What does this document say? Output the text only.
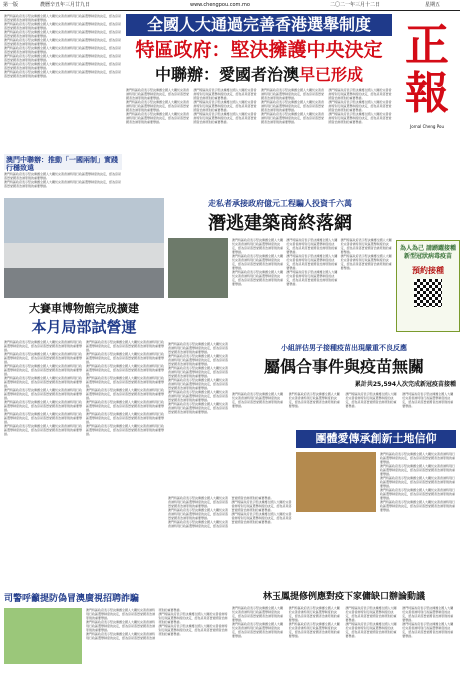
第一版	農曆辛丑年三月廿九日	www.chengpou.com.mo	二〇二一年三月十二日	星期五
正
報
Jornal Cheng Pou

澳門特區政府表示堅決擁護全國人大關於完善香港特別行政區選舉制度的決定，認為這是落實愛國者治港原則的重要舉措。

澳門特區政府表示堅決擁護全國人大關於完善香港特別行政區選舉制度的決定，認為這是落實愛國者治港原則的重要舉措。

澳門特區政府表示堅決擁護全國人大關於完善香港特別行政區選舉制度的決定，認為這是落實愛國者治港原則的重要舉措。

澳門特區政府表示堅決擁護全國人大關於完善香港特別行政區選舉制度的決定，認為這是落實愛國者治港原則的重要舉措。

澳門特區政府表示堅決擁護全國人大關於完善香港特別行政區選舉制度的決定，認為這是落實愛國者治港原則的重要舉措。

澳門特區政府表示堅決擁護全國人大關於完善香港特別行政區選舉制度的決定，認為這是落實愛國者治港原則的重要舉措。

澳門特區政府表示堅決擁護全國人大關於完善香港特別行政區選舉制度的決定，認為這是落實愛國者治港原則的重要舉措。

澳門特區政府表示堅決擁護全國人大關於完善香港特別行政區選舉制度的決定，認為這是落實愛國者治港原則的重要舉措。

澳門中聯辦：推動「一國兩制」實踐行穩致遠

澳門特區政府表示堅決擁護全國人大關於完善香港特別行政區選舉制度的決定，認為這是落實愛國者治港原則的重要舉措。

澳門特區政府表示堅決擁護全國人大關於完善香港特別行政區選舉制度的決定，認為這是落實愛國者治港原則的重要舉措。

全國人大通過完善香港選舉制度
特區政府：堅決擁護中央決定
中聯辦：愛國者治澳早已形成

澳門特區政府表示堅決擁護全國人大關於完善香港特別行政區選舉制度的決定，認為這是落實愛國者治港原則的重要舉措。

澳門特區政府表示堅決擁護全國人大關於完善香港特別行政區選舉制度的決定，認為這是落實愛國者治港原則的重要舉措。

澳門特區政府表示堅決擁護全國人大關於完善香港特別行政區選舉制度的決定，認為這是落實愛國者治港原則的重要舉措。

澳門特區政府表示堅決擁護全國人大關於完善香港特別行政區選舉制度的決定，認為這是落實愛國者治港原則的重要舉措。

澳門特區政府表示堅決擁護全國人大關於完善香港特別行政區選舉制度的決定，認為這是落實愛國者治港原則的重要舉措。

澳門特區政府表示堅決擁護全國人大關於完善香港特別行政區選舉制度的決定，認為這是落實愛國者治港原則的重要舉措。

澳門特區政府表示堅決擁護全國人大關於完善香港特別行政區選舉制度的決定，認為這是落實愛國者治港原則的重要舉措。

澳門特區政府表示堅決擁護全國人大關於完善香港特別行政區選舉制度的決定，認為這是落實愛國者治港原則的重要舉措。

澳門特區政府表示堅決擁護全國人大關於完善香港特別行政區選舉制度的決定，認為這是落實愛國者治港原則的重要舉措。

澳門特區政府表示堅決擁護全國人大關於完善香港特別行政區選舉制度的決定，認為這是落實愛國者治港原則的重要舉措。

澳門特區政府表示堅決擁護全國人大關於完善香港特別行政區選舉制度的決定，認為這是落實愛國者治港原則的重要舉措。

澳門特區政府表示堅決擁護全國人大關於完善香港特別行政區選舉制度的決定，認為這是落實愛國者治港原則的重要舉措。

為人為己 請踴躍接種新型冠狀病毒疫苗
預約接種
大賽車博物館完成擴建
本月局部試營運

澳門特區政府表示堅決擁護全國人大關於完善香港特別行政區選舉制度的決定，認為這是落實愛國者治港原則的重要舉措。

澳門特區政府表示堅決擁護全國人大關於完善香港特別行政區選舉制度的決定，認為這是落實愛國者治港原則的重要舉措。

澳門特區政府表示堅決擁護全國人大關於完善香港特別行政區選舉制度的決定，認為這是落實愛國者治港原則的重要舉措。

澳門特區政府表示堅決擁護全國人大關於完善香港特別行政區選舉制度的決定，認為這是落實愛國者治港原則的重要舉措。

澳門特區政府表示堅決擁護全國人大關於完善香港特別行政區選舉制度的決定，認為這是落實愛國者治港原則的重要舉措。

澳門特區政府表示堅決擁護全國人大關於完善香港特別行政區選舉制度的決定，認為這是落實愛國者治港原則的重要舉措。

澳門特區政府表示堅決擁護全國人大關於完善香港特別行政區選舉制度的決定，認為這是落實愛國者治港原則的重要舉措。

澳門特區政府表示堅決擁護全國人大關於完善香港特別行政區選舉制度的決定，認為這是落實愛國者治港原則的重要舉措。

澳門特區政府表示堅決擁護全國人大關於完善香港特別行政區選舉制度的決定，認為這是落實愛國者治港原則的重要舉措。

澳門特區政府表示堅決擁護全國人大關於完善香港特別行政區選舉制度的決定，認為這是落實愛國者治港原則的重要舉措。

澳門特區政府表示堅決擁護全國人大關於完善香港特別行政區選舉制度的決定，認為這是落實愛國者治港原則的重要舉措。

澳門特區政府表示堅決擁護全國人大關於完善香港特別行政區選舉制度的決定，認為這是落實愛國者治港原則的重要舉措。

澳門特區政府表示堅決擁護全國人大關於完善香港特別行政區選舉制度的決定，認為這是落實愛國者治港原則的重要舉措。

澳門特區政府表示堅決擁護全國人大關於完善香港特別行政區選舉制度的決定，認為這是落實愛國者治港原則的重要舉措。

澳門特區政府表示堅決擁護全國人大關於完善香港特別行政區選舉制度的決定，認為這是落實愛國者治港原則的重要舉措。

澳門特區政府表示堅決擁護全國人大關於完善香港特別行政區選舉制度的決定，認為這是落實愛國者治港原則的重要舉措。

走私者承接政府億元工程騙人投資千六萬
潛逃建築商終落網

澳門特區政府表示堅決擁護全國人大關於完善香港特別行政區選舉制度的決定，認為這是落實愛國者治港原則的重要舉措。

澳門特區政府表示堅決擁護全國人大關於完善香港特別行政區選舉制度的決定，認為這是落實愛國者治港原則的重要舉措。

澳門特區政府表示堅決擁護全國人大關於完善香港特別行政區選舉制度的決定，認為這是落實愛國者治港原則的重要舉措。

澳門特區政府表示堅決擁護全國人大關於完善香港特別行政區選舉制度的決定，認為這是落實愛國者治港原則的重要舉措。

澳門特區政府表示堅決擁護全國人大關於完善香港特別行政區選舉制度的決定，認為這是落實愛國者治港原則的重要舉措。

澳門特區政府表示堅決擁護全國人大關於完善香港特別行政區選舉制度的決定，認為這是落實愛國者治港原則的重要舉措。

澳門特區政府表示堅決擁護全國人大關於完善香港特別行政區選舉制度的決定，認為這是落實愛國者治港原則的重要舉措。

澳門特區政府表示堅決擁護全國人大關於完善香港特別行政區選舉制度的決定，認為這是落實愛國者治港原則的重要舉措。

小組評估男子接種疫苗出現嚴重不良反應
屬偶合事件與疫苗無關
累計共25,594人次完成新冠疫苗接種

澳門特區政府表示堅決擁護全國人大關於完善香港特別行政區選舉制度的決定，認為這是落實愛國者治港原則的重要舉措。

澳門特區政府表示堅決擁護全國人大關於完善香港特別行政區選舉制度的決定，認為這是落實愛國者治港原則的重要舉措。

澳門特區政府表示堅決擁護全國人大關於完善香港特別行政區選舉制度的決定，認為這是落實愛國者治港原則的重要舉措。

澳門特區政府表示堅決擁護全國人大關於完善香港特別行政區選舉制度的決定，認為這是落實愛國者治港原則的重要舉措。

澳門特區政府表示堅決擁護全國人大關於完善香港特別行政區選舉制度的決定，認為這是落實愛國者治港原則的重要舉措。

澳門特區政府表示堅決擁護全國人大關於完善香港特別行政區選舉制度的決定，認為這是落實愛國者治港原則的重要舉措。

澳門特區政府表示堅決擁護全國人大關於完善香港特別行政區選舉制度的決定，認為這是落實愛國者治港原則的重要舉措。

澳門特區政府表示堅決擁護全國人大關於完善香港特別行政區選舉制度的決定，認為這是落實愛國者治港原則的重要舉措。

澳門特區政府表示堅決擁護全國人大關於完善香港特別行政區選舉制度的決定，認為這是落實愛國者治港原則的重要舉措。

澳門特區政府表示堅決擁護全國人大關於完善香港特別行政區選舉制度的決定，認為這是落實愛國者治港原則的重要舉措。

團體愛傳承創新土地信仰

澳門特區政府表示堅決擁護全國人大關於完善香港特別行政區選舉制度的決定，認為這是落實愛國者治港原則的重要舉措。

澳門特區政府表示堅決擁護全國人大關於完善香港特別行政區選舉制度的決定，認為這是落實愛國者治港原則的重要舉措。

澳門特區政府表示堅決擁護全國人大關於完善香港特別行政區選舉制度的決定，認為這是落實愛國者治港原則的重要舉措。

澳門特區政府表示堅決擁護全國人大關於完善香港特別行政區選舉制度的決定，認為這是落實愛國者治港原則的重要舉措。

澳門特區政府表示堅決擁護全國人大關於完善香港特別行政區選舉制度的決定，認為這是落實愛國者治港原則的重要舉措。

澳門特區政府表示堅決擁護全國人大關於完善香港特別行政區選舉制度的決定，認為這是落實愛國者治港原則的重要舉措。

澳門特區政府表示堅決擁護全國人大關於完善香港特別行政區選舉制度的決定，認為這是落實愛國者治港原則的重要舉措。

澳門特區政府表示堅決擁護全國人大關於完善香港特別行政區選舉制度的決定，認為這是落實愛國者治港原則的重要舉措。

澳門特區政府表示堅決擁護全國人大關於完善香港特別行政區選舉制度的決定，認為這是落實愛國者治港原則的重要舉措。

澳門特區政府表示堅決擁護全國人大關於完善香港特別行政區選舉制度的決定，認為這是落實愛國者治港原則的重要舉措。

林玉鳳提修例應對疫下家傭缺口辦論動議

澳門特區政府表示堅決擁護全國人大關於完善香港特別行政區選舉制度的決定，認為這是落實愛國者治港原則的重要舉措。

澳門特區政府表示堅決擁護全國人大關於完善香港特別行政區選舉制度的決定，認為這是落實愛國者治港原則的重要舉措。

澳門特區政府表示堅決擁護全國人大關於完善香港特別行政區選舉制度的決定，認為這是落實愛國者治港原則的重要舉措。

澳門特區政府表示堅決擁護全國人大關於完善香港特別行政區選舉制度的決定，認為這是落實愛國者治港原則的重要舉措。

澳門特區政府表示堅決擁護全國人大關於完善香港特別行政區選舉制度的決定，認為這是落實愛國者治港原則的重要舉措。

澳門特區政府表示堅決擁護全國人大關於完善香港特別行政區選舉制度的決定，認為這是落實愛國者治港原則的重要舉措。

澳門特區政府表示堅決擁護全國人大關於完善香港特別行政區選舉制度的決定，認為這是落實愛國者治港原則的重要舉措。

澳門特區政府表示堅決擁護全國人大關於完善香港特別行政區選舉制度的決定，認為這是落實愛國者治港原則的重要舉措。

司警呼籲提防偽冒澳廣視招聘詐騙

澳門特區政府表示堅決擁護全國人大關於完善香港特別行政區選舉制度的決定，認為這是落實愛國者治港原則的重要舉措。

澳門特區政府表示堅決擁護全國人大關於完善香港特別行政區選舉制度的決定，認為這是落實愛國者治港原則的重要舉措。

澳門特區政府表示堅決擁護全國人大關於完善香港特別行政區選舉制度的決定，認為這是落實愛國者治港原則的重要舉措。

澳門特區政府表示堅決擁護全國人大關於完善香港特別行政區選舉制度的決定，認為這是落實愛國者治港原則的重要舉措。

澳門特區政府表示堅決擁護全國人大關於完善香港特別行政區選舉制度的決定，認為這是落實愛國者治港原則的重要舉措。
